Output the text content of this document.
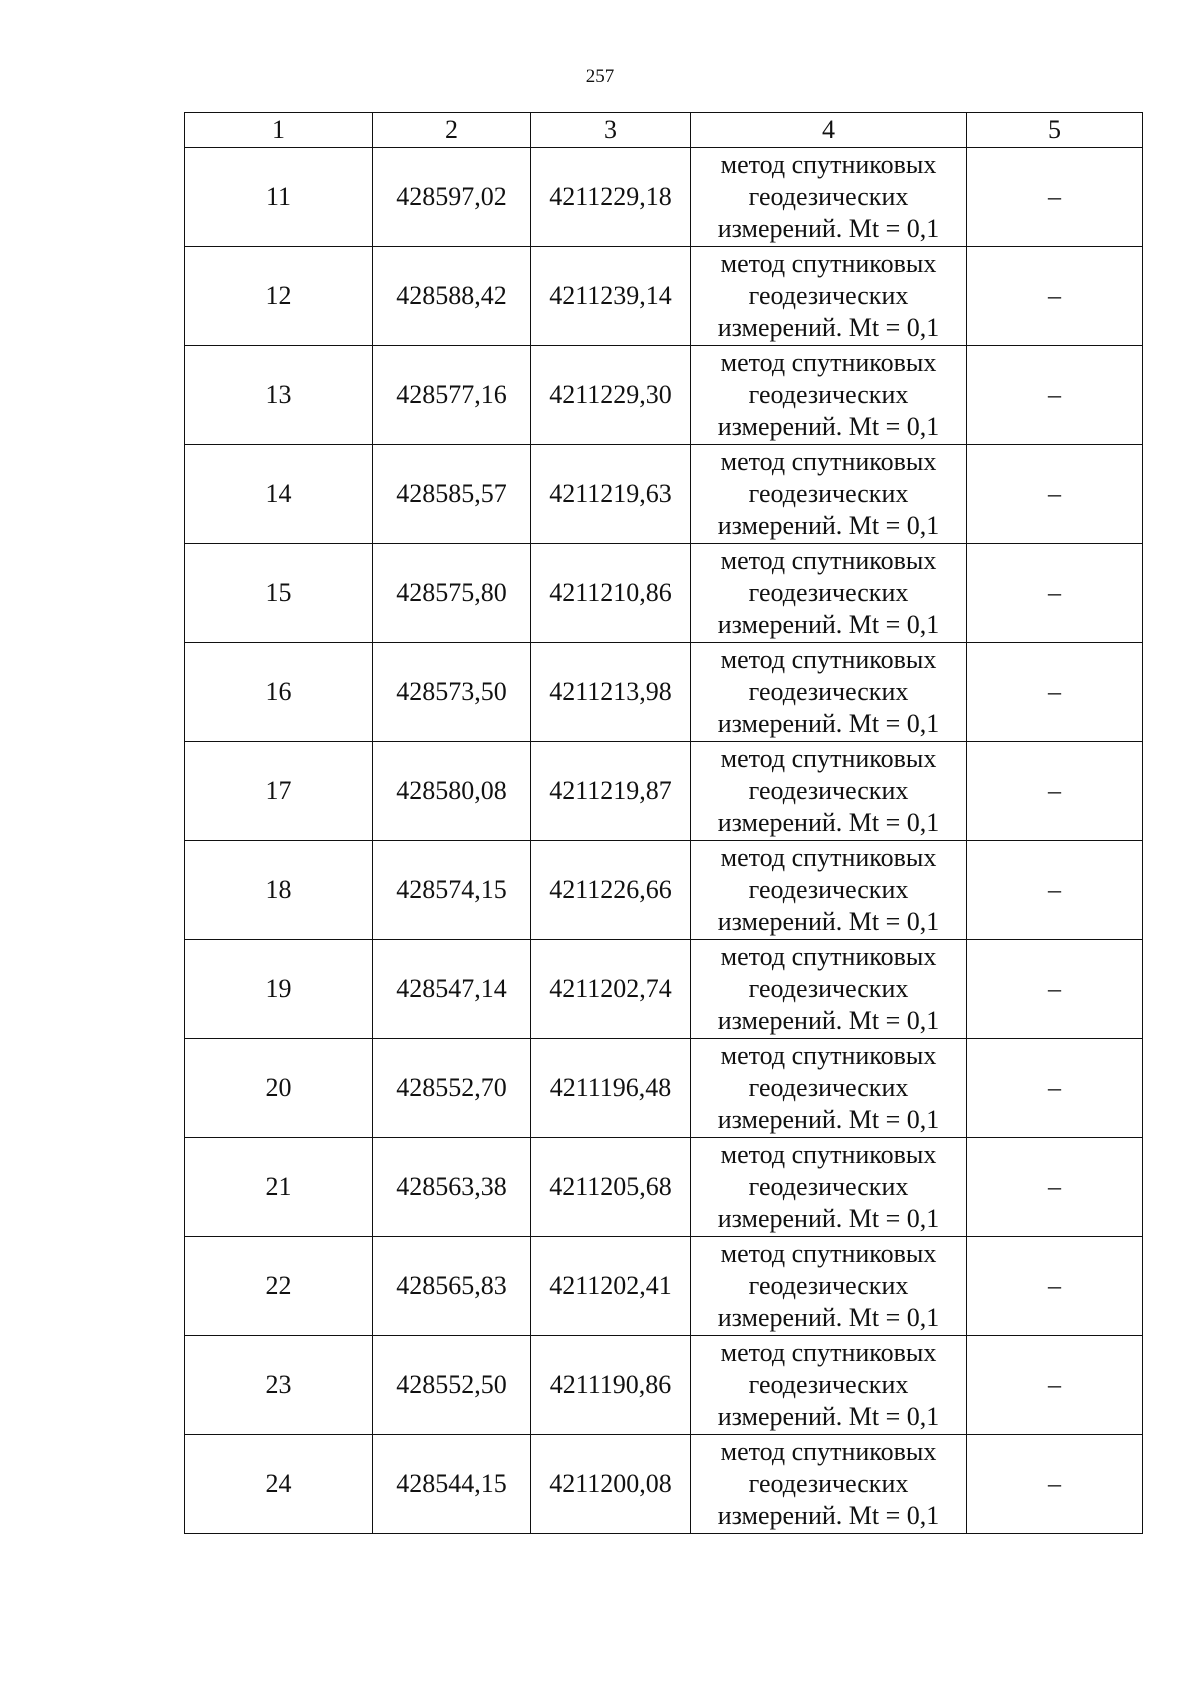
257
1	2	3	4	5
11	428597,02	4211229,18	метод спутниковых
геодезических
измерений. Mt = 0,1	–
12	428588,42	4211239,14	метод спутниковых
геодезических
измерений. Mt = 0,1	–
13	428577,16	4211229,30	метод спутниковых
геодезических
измерений. Mt = 0,1	–
14	428585,57	4211219,63	метод спутниковых
геодезических
измерений. Mt = 0,1	–
15	428575,80	4211210,86	метод спутниковых
геодезических
измерений. Mt = 0,1	–
16	428573,50	4211213,98	метод спутниковых
геодезических
измерений. Mt = 0,1	–
17	428580,08	4211219,87	метод спутниковых
геодезических
измерений. Mt = 0,1	–
18	428574,15	4211226,66	метод спутниковых
геодезических
измерений. Mt = 0,1	–
19	428547,14	4211202,74	метод спутниковых
геодезических
измерений. Mt = 0,1	–
20	428552,70	4211196,48	метод спутниковых
геодезических
измерений. Mt = 0,1	–
21	428563,38	4211205,68	метод спутниковых
геодезических
измерений. Mt = 0,1	–
22	428565,83	4211202,41	метод спутниковых
геодезических
измерений. Mt = 0,1	–
23	428552,50	4211190,86	метод спутниковых
геодезических
измерений. Mt = 0,1	–
24	428544,15	4211200,08	метод спутниковых
геодезических
измерений. Mt = 0,1	–
